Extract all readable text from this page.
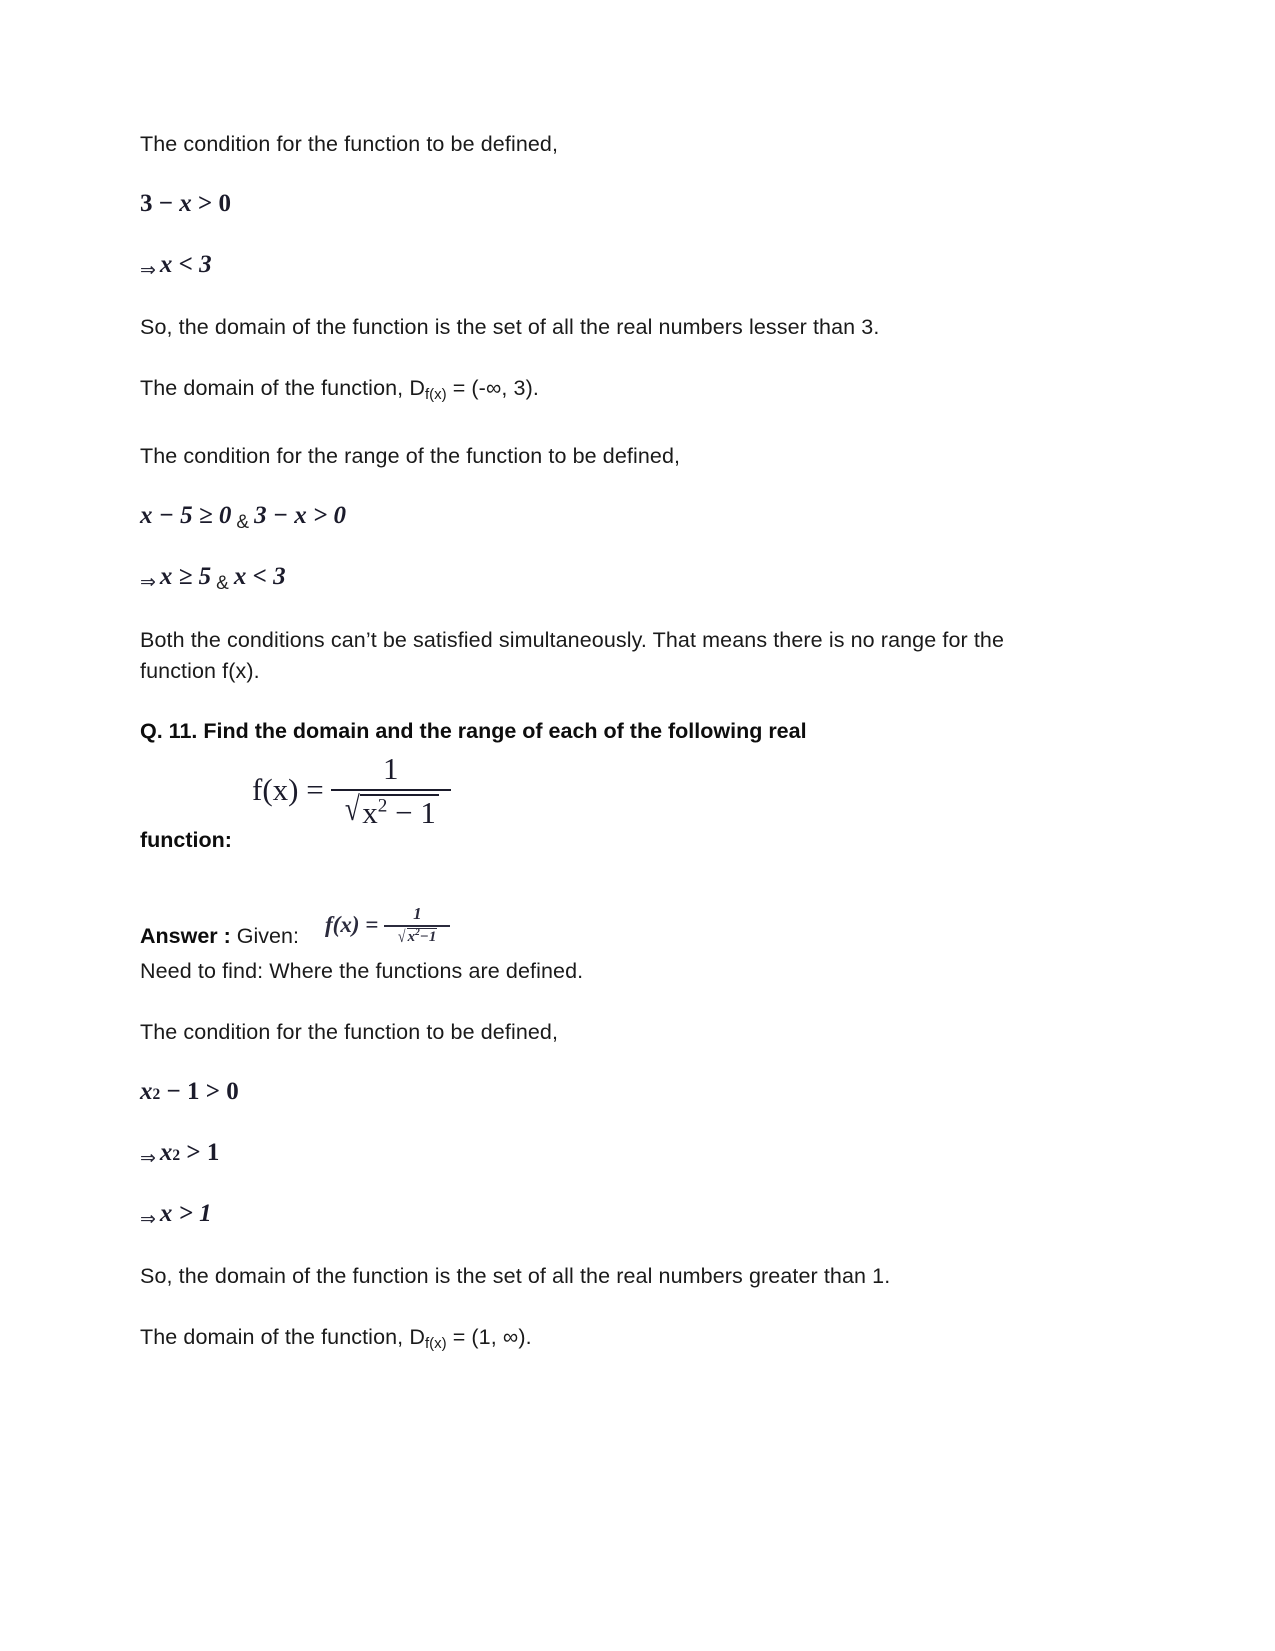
The condition for the function to be defined,

3 − x > 0
⇒ x < 3

So, the domain of the function is the set of all the real numbers lesser than 3.

The domain of the function, $D_{f(x)}$ = (-∞, 3).

The condition for the range of the function to be defined,

x − 5 ≥ 0 & 3 − x > 0
⇒ x ≥ 5 & x < 3

Both the conditions can’t be satisfied simultaneously. That means there is no range for the function f(x).

Q. 11. Find the domain and the range of each of the following real

function:
$f(x) = \frac{1}{√ x^2 - 1}$
Answer : Given: $f(x) = \frac{1}{√ x^2-1}$

Need to find: Where the functions are defined.

The condition for the function to be defined,

x 2 − 1 > 0
⇒ x 2 > 1
⇒ x > 1

So, the domain of the function is the set of all the real numbers greater than 1.

The domain of the function, $D_{f(x)} = (1$, ∞).
